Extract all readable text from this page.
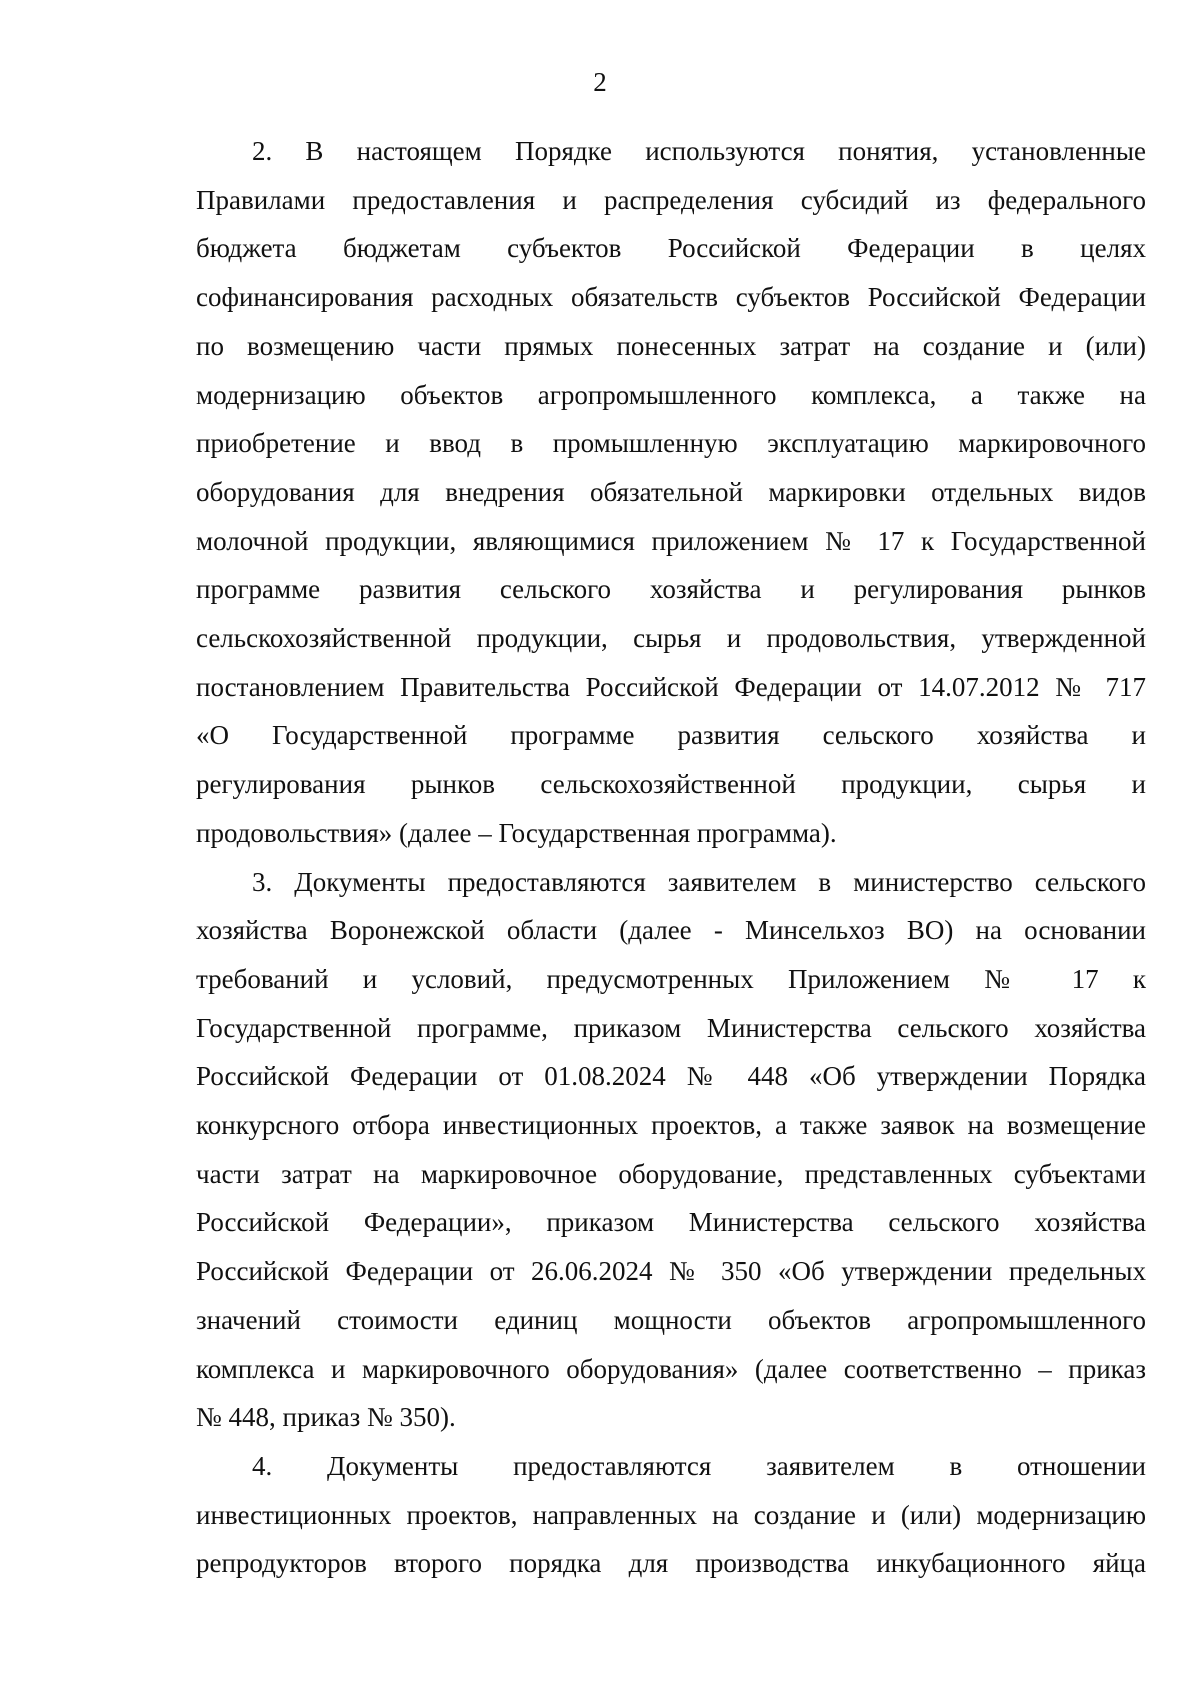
2

2. В настоящем Порядке используются понятия, установленные
Правилами предоставления и распределения субсидий из федерального
бюджета бюджетам субъектов Российской Федерации в целях
софинансирования расходных обязательств субъектов Российской Федерации
по возмещению части прямых понесенных затрат на создание и (или)
модернизацию объектов агропромышленного комплекса, а также на
приобретение и ввод в промышленную эксплуатацию маркировочного
оборудования для внедрения обязательной маркировки отдельных видов
молочной продукции, являющимися приложением № 17 к Государственной
программе развития сельского хозяйства и регулирования рынков
сельскохозяйственной продукции, сырья и продовольствия, утвержденной
постановлением Правительства Российской Федерации от 14.07.2012 № 717
«О Государственной программе развития сельского хозяйства и
регулирования рынков сельскохозяйственной продукции, сырья и
продовольствия» (далее – Государственная программа).

3. Документы предоставляются заявителем в министерство сельского
хозяйства Воронежской области (далее - Минсельхоз ВО) на основании
требований и условий, предусмотренных Приложением № 17 к
Государственной программе, приказом Министерства сельского хозяйства
Российской Федерации от 01.08.2024 № 448 «Об утверждении Порядка
конкурсного отбора инвестиционных проектов, а также заявок на возмещение
части затрат на маркировочное оборудование, представленных субъектами
Российской Федерации», приказом Министерства сельского хозяйства
Российской Федерации от 26.06.2024 № 350 «Об утверждении предельных
значений стоимости единиц мощности объектов агропромышленного
комплекса и маркировочного оборудования» (далее соответственно – приказ
№ 448, приказ № 350).

4. Документы предоставляются заявителем в отношении
инвестиционных проектов, направленных на создание и (или) модернизацию
репродукторов второго порядка для производства инкубационного яйца
